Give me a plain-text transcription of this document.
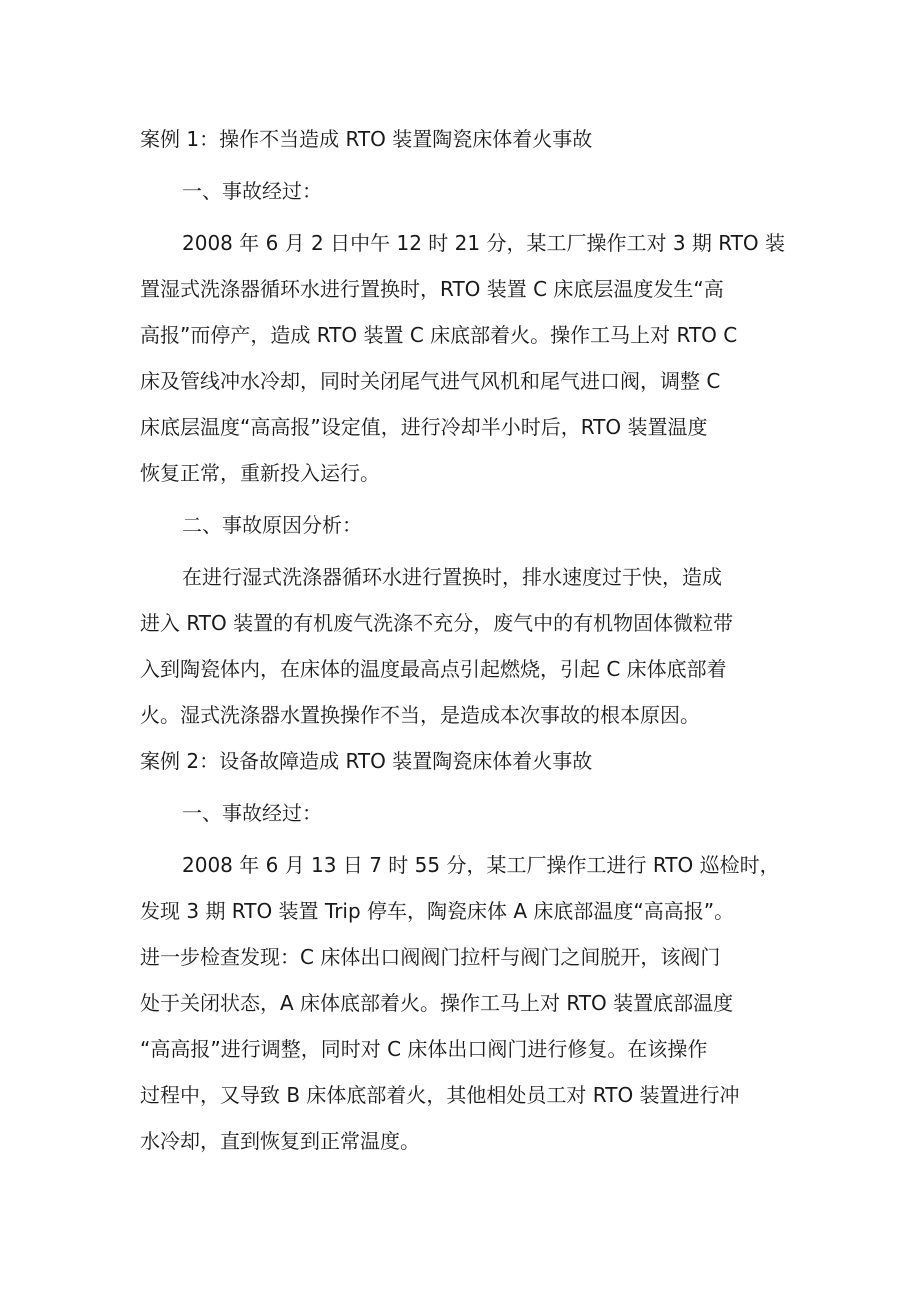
案例 1：操作不当造成 RTO 装置陶瓷床体着火事故
一、事故经过：
2008 年 6 月 2 日中午 12 时 21 分，某工厂操作工对 3 期 RTO 装
置湿式洗涤器循环水进行置换时，RTO 装置 C 床底层温度发生“高
高报”而停产，造成 RTO 装置 C 床底部着火。操作工马上对 RTO C
床及管线冲水冷却，同时关闭尾气进气风机和尾气进口阀，调整 C
床底层温度“高高报”设定值，进行冷却半小时后，RTO 装置温度
恢复正常，重新投入运行。
二、事故原因分析：
在进行湿式洗涤器循环水进行置换时，排水速度过于快，造成
进入 RTO 装置的有机废气洗涤不充分，废气中的有机物固体微粒带
入到陶瓷体内，在床体的温度最高点引起燃烧，引起 C 床体底部着
火。湿式洗涤器水置换操作不当，是造成本次事故的根本原因。
案例 2：设备故障造成 RTO 装置陶瓷床体着火事故
一、事故经过：
2008 年 6 月 13 日 7 时 55 分，某工厂操作工进行 RTO 巡检时，
发现 3 期 RTO 装置 Trip 停车，陶瓷床体 A 床底部温度“高高报”。
进一步检查发现：C 床体出口阀阀门拉杆与阀门之间脱开，该阀门
处于关闭状态，A 床体底部着火。操作工马上对 RTO 装置底部温度
“高高报”进行调整，同时对 C 床体出口阀门进行修复。在该操作
过程中，又导致 B 床体底部着火，其他相处员工对 RTO 装置进行冲
水冷却，直到恢复到正常温度。
